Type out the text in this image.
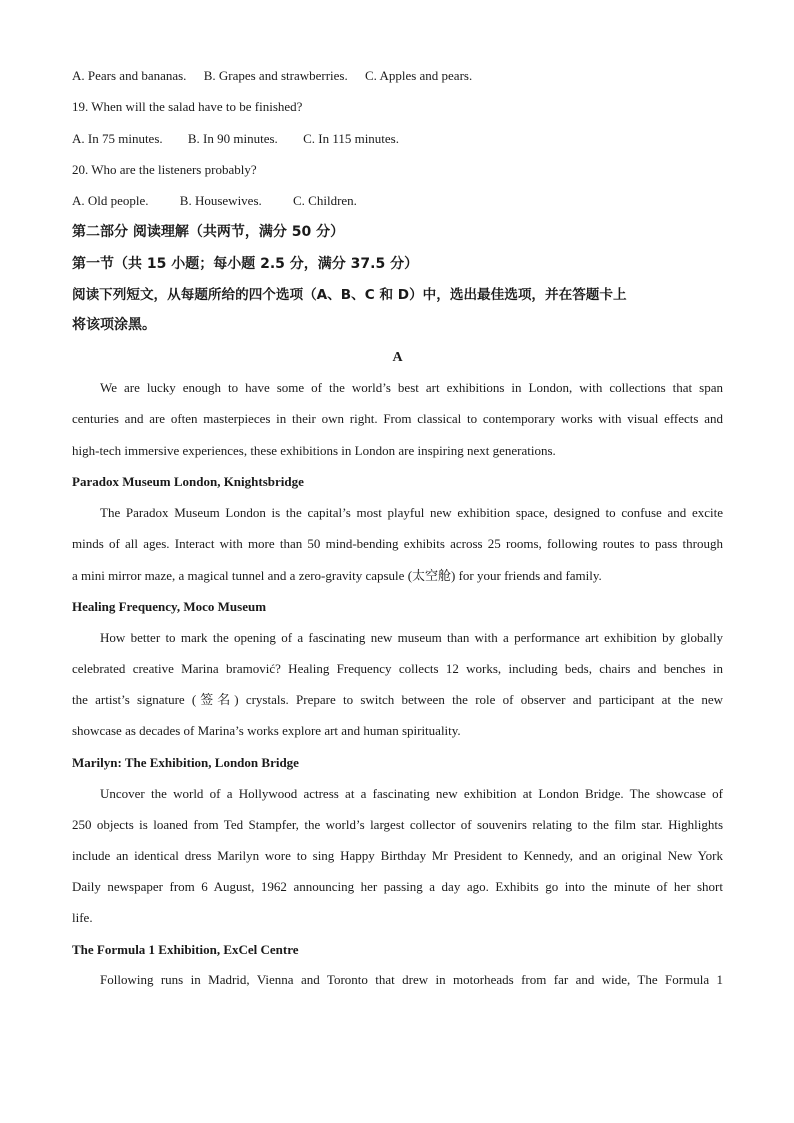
A. Pears and bananas. B. Grapes and strawberries. C. Apples and pears.
19. When will the salad have to be finished?
A. In 75 minutes. B. In 90 minutes. C. In 115 minutes.
20. Who are the listeners probably?
A. Old people. B. Housewives. C. Children.
第二部分 阅读理解（共两节，满分 50 分）
第一节（共 15 小题；每小题 2.5 分，满分 37.5 分）
阅读下列短文，从每题所给的四个选项（A、B、C 和 D）中，选出最佳选项，并在答题卡上
将该项涂黑。
A
We are lucky enough to have some of the world’s best art exhibitions in London, with collections that span
centuries and are often masterpieces in their own right. From classical to contemporary works with visual effects and
high-tech immersive experiences, these exhibitions in London are inspiring next generations.
Paradox Museum London, Knightsbridge
The Paradox Museum London is the capital’s most playful new exhibition space, designed to confuse and excite
minds of all ages. Interact with more than 50 mind-bending exhibits across 25 rooms, following routes to pass through
a mini mirror maze, a magical tunnel and a zero-gravity capsule (太空舱) for your friends and family.
Healing Frequency, Moco Museum
How better to mark the opening of a fascinating new museum than with a performance art exhibition by globally
celebrated creative Marina bramović? Healing Frequency collects 12 works, including beds, chairs and benches in
the artist’s signature (签名) crystals. Prepare to switch between the role of observer and participant at the new
showcase as decades of Marina’s works explore art and human spirituality.
Marilyn: The Exhibition, London Bridge
Uncover the world of a Hollywood actress at a fascinating new exhibition at London Bridge. The showcase of
250 objects is loaned from Ted Stampfer, the world’s largest collector of souvenirs relating to the film star. Highlights
include an identical dress Marilyn wore to sing Happy Birthday Mr President to Kennedy, and an original New York
Daily newspaper from 6 August, 1962 announcing her passing a day ago. Exhibits go into the minute of her short
life.
The Formula 1 Exhibition, ExCel Centre
Following runs in Madrid, Vienna and Toronto that drew in motorheads from far and wide, The Formula 1
